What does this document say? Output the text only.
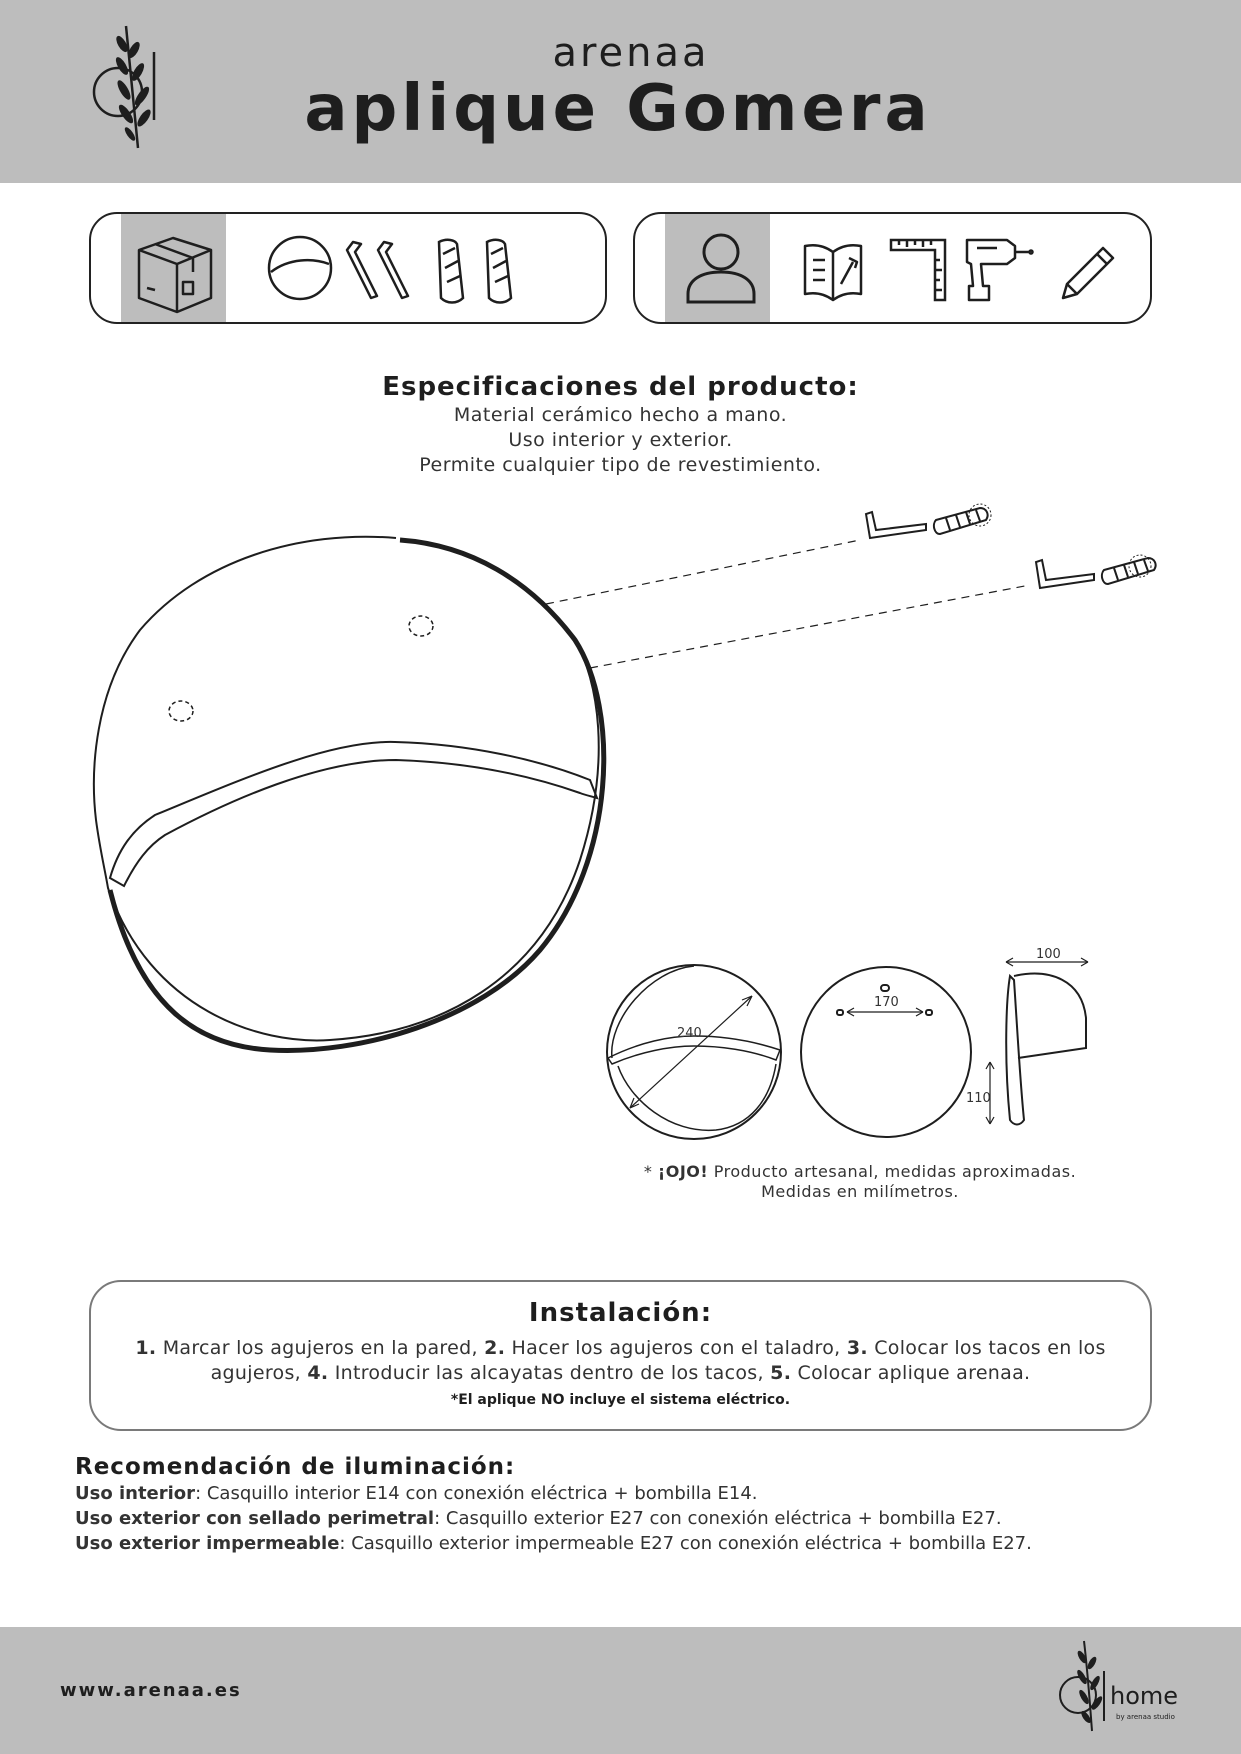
arenaa
aplique Gomera
Especificaciones del producto:
Material cerámico hecho a mano.
Uso interior y exterior.
Permite cualquier tipo de revestimiento.
240
170
100
110
* ¡OJO! Producto artesanal, medidas aproximadas.
Medidas en milímetros.
Instalación:
1. Marcar los agujeros en la pared, 2. Hacer los agujeros con el taladro, 3. Colocar los tacos en los agujeros, 4. Introducir las alcayatas dentro de los tacos, 5. Colocar aplique arenaa.
*El aplique NO incluye el sistema eléctrico.
Recomendación de iluminación:
Uso interior: Casquillo interior E14 con conexión eléctrica + bombilla E14.
Uso exterior con sellado perimetral: Casquillo exterior E27 con conexión eléctrica + bombilla E27.
Uso exterior impermeable: Casquillo exterior impermeable E27 con conexión eléctrica + bombilla E27.
www.arenaa.es	home
by arenaa studio
